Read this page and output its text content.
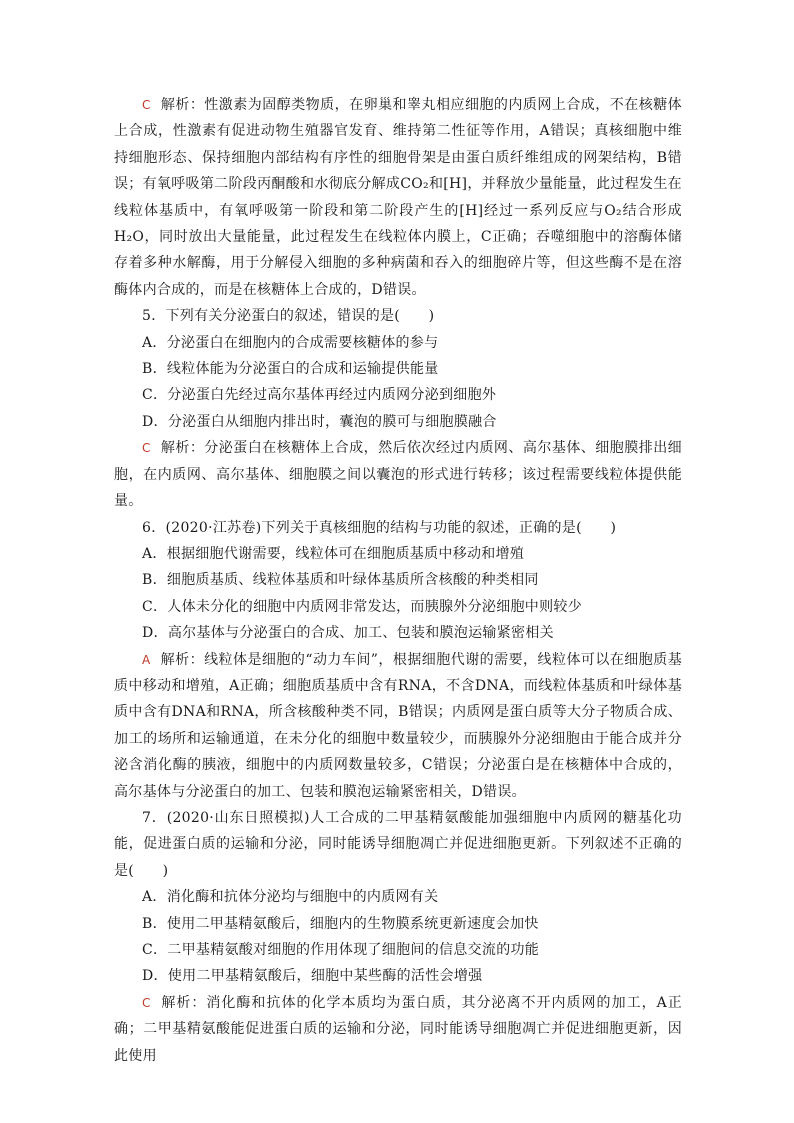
C 解析：性激素为固醇类物质，在卵巢和睾丸相应细胞的内质网上合成，不在核糖体上合成，性激素有促进动物生殖器官发育、维持第二性征等作用，A错误；真核细胞中维持细胞形态、保持细胞内部结构有序性的细胞骨架是由蛋白质纤维组成的网架结构，B错误；有氧呼吸第二阶段丙酮酸和水彻底分解成CO₂和[H]，并释放少量能量，此过程发生在线粒体基质中，有氧呼吸第一阶段和第二阶段产生的[H]经过一系列反应与O₂结合形成H₂O，同时放出大量能量，此过程发生在线粒体内膜上，C正确；吞噬细胞中的溶酶体储存着多种水解酶，用于分解侵入细胞的多种病菌和吞入的细胞碎片等，但这些酶不是在溶酶体内合成的，而是在核糖体上合成的，D错误。

5．下列有关分泌蛋白的叙述，错误的是(　　)

A．分泌蛋白在细胞内的合成需要核糖体的参与

B．线粒体能为分泌蛋白的合成和运输提供能量

C．分泌蛋白先经过高尔基体再经过内质网分泌到细胞外

D．分泌蛋白从细胞内排出时，囊泡的膜可与细胞膜融合

C 解析：分泌蛋白在核糖体上合成，然后依次经过内质网、高尔基体、细胞膜排出细胞，在内质网、高尔基体、细胞膜之间以囊泡的形式进行转移；该过程需要线粒体提供能量。

6．(2020·江苏卷)下列关于真核细胞的结构与功能的叙述，正确的是(　　)

A．根据细胞代谢需要，线粒体可在细胞质基质中移动和增殖

B．细胞质基质、线粒体基质和叶绿体基质所含核酸的种类相同

C．人体未分化的细胞中内质网非常发达，而胰腺外分泌细胞中则较少

D．高尔基体与分泌蛋白的合成、加工、包装和膜泡运输紧密相关

A 解析：线粒体是细胞的“动力车间”，根据细胞代谢的需要，线粒体可以在细胞质基质中移动和增殖，A正确；细胞质基质中含有RNA，不含DNA，而线粒体基质和叶绿体基质中含有DNA和RNA，所含核酸种类不同，B错误；内质网是蛋白质等大分子物质合成、加工的场所和运输通道，在未分化的细胞中数量较少，而胰腺外分泌细胞由于能合成并分泌含消化酶的胰液，细胞中的内质网数量较多，C错误；分泌蛋白是在核糖体中合成的，高尔基体与分泌蛋白的加工、包装和膜泡运输紧密相关，D错误。

7．(2020·山东日照模拟)人工合成的二甲基精氨酸能加强细胞中内质网的糖基化功能，促进蛋白质的运输和分泌，同时能诱导细胞凋亡并促进细胞更新。下列叙述不正确的是(　　)

A．消化酶和抗体分泌均与细胞中的内质网有关

B．使用二甲基精氨酸后，细胞内的生物膜系统更新速度会加快

C．二甲基精氨酸对细胞的作用体现了细胞间的信息交流的功能

D．使用二甲基精氨酸后，细胞中某些酶的活性会增强

C 解析：消化酶和抗体的化学本质均为蛋白质，其分泌离不开内质网的加工，A正确；二甲基精氨酸能促进蛋白质的运输和分泌，同时能诱导细胞凋亡并促进细胞更新，因此使用
